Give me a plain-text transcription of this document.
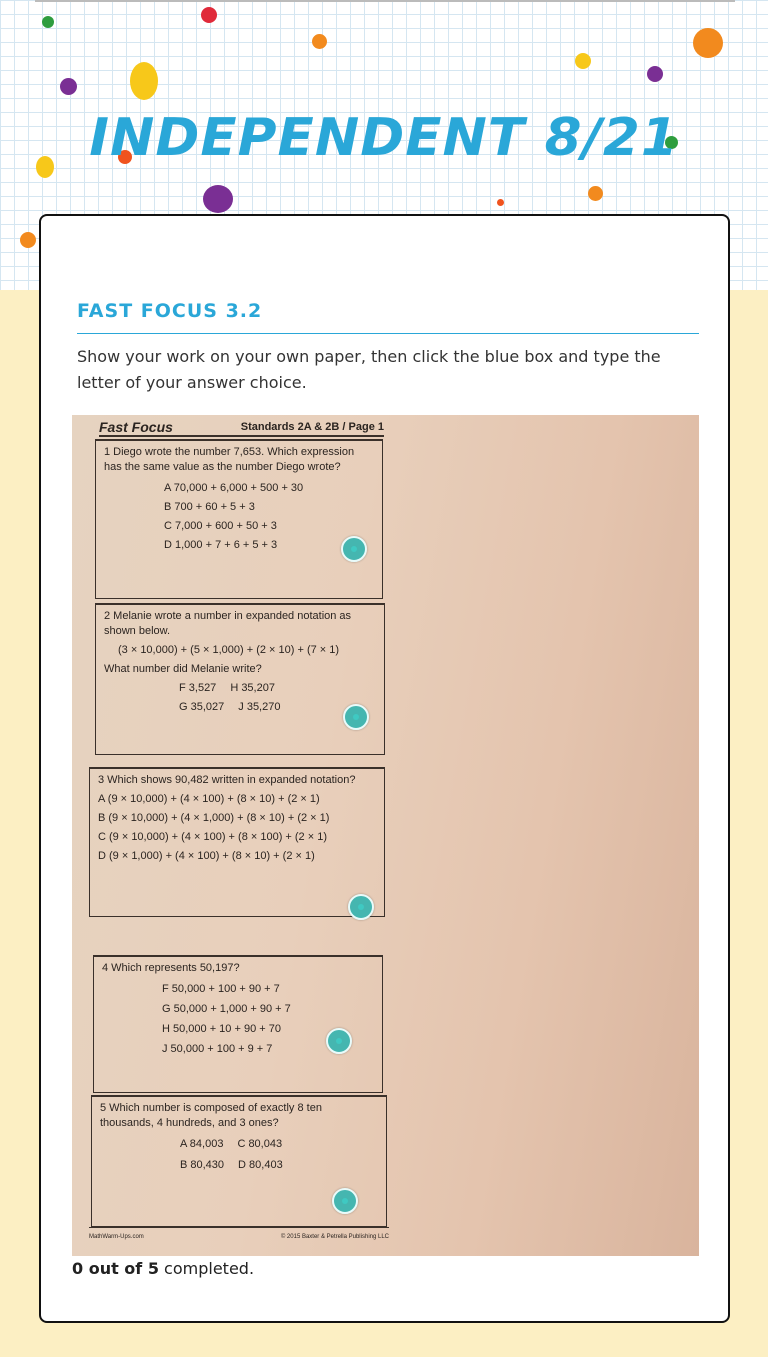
INDEPENDENT 8/21
FAST FOCUS 3.2
Show your work on your own paper, then click the blue box and type the letter of your answer choice.
Fast Focus	Standards 2A & 2B / Page 1
1 Diego wrote the number 7,653. Which expression has the same value as the number Diego wrote?
A 70,000 + 6,000 + 500 + 30
B 700 + 60 + 5 + 3
C 7,000 + 600 + 50 + 3
D 1,000 + 7 + 6 + 5 + 3
2 Melanie wrote a number in expanded notation as shown below.
(3 × 10,000) + (5 × 1,000) + (2 × 10) + (7 × 1)
What number did Melanie write?
F 3,527 H 35,207
G 35,027 J 35,270
3 Which shows 90,482 written in expanded notation?
A (9 × 10,000) + (4 × 100) + (8 × 10) + (2 × 1)
B (9 × 10,000) + (4 × 1,000) + (8 × 10) + (2 × 1)
C (9 × 10,000) + (4 × 100) + (8 × 100) + (2 × 1)
D (9 × 1,000) + (4 × 100) + (8 × 10) + (2 × 1)
4 Which represents 50,197?
F 50,000 + 100 + 90 + 7
G 50,000 + 1,000 + 90 + 7
H 50,000 + 10 + 90 + 70
J 50,000 + 100 + 9 + 7
5 Which number is composed of exactly 8 ten thousands, 4 hundreds, and 3 ones?
A 84,003 C 80,043
B 80,430 D 80,403
MathWarm-Ups.com	© 2015 Baxter & Petrella Publishing LLC
0 out of 5 completed.
